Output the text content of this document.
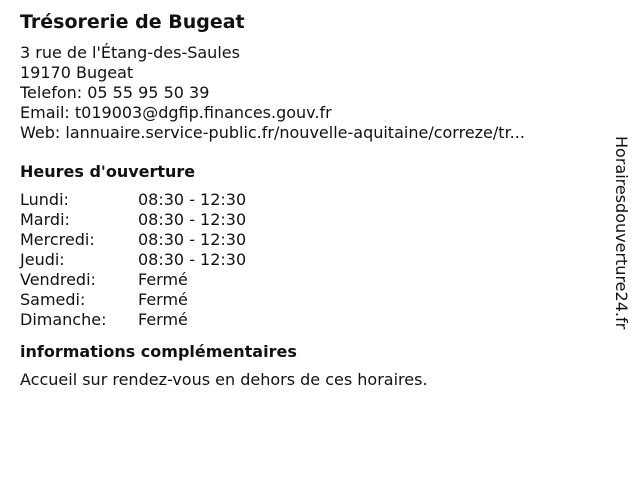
Trésorerie de Bugeat
3 rue de l'Étang-des-Saules
19170 Bugeat
Telefon: 05 55 95 50 39
Email: t019003@dgfip.finances.gouv.fr
Web: lannuaire.service-public.fr/nouvelle-aquitaine/correze/tr...
Heures d'ouverture
Lundi:	08:30 - 12:30
Mardi:	08:30 - 12:30
Mercredi:	08:30 - 12:30
Jeudi:	08:30 - 12:30
Vendredi:	Fermé
Samedi:	Fermé
Dimanche:	Fermé
informations complémentaires
Accueil sur rendez-vous en dehors de ces horaires.
Horairesdouverture24.fr
